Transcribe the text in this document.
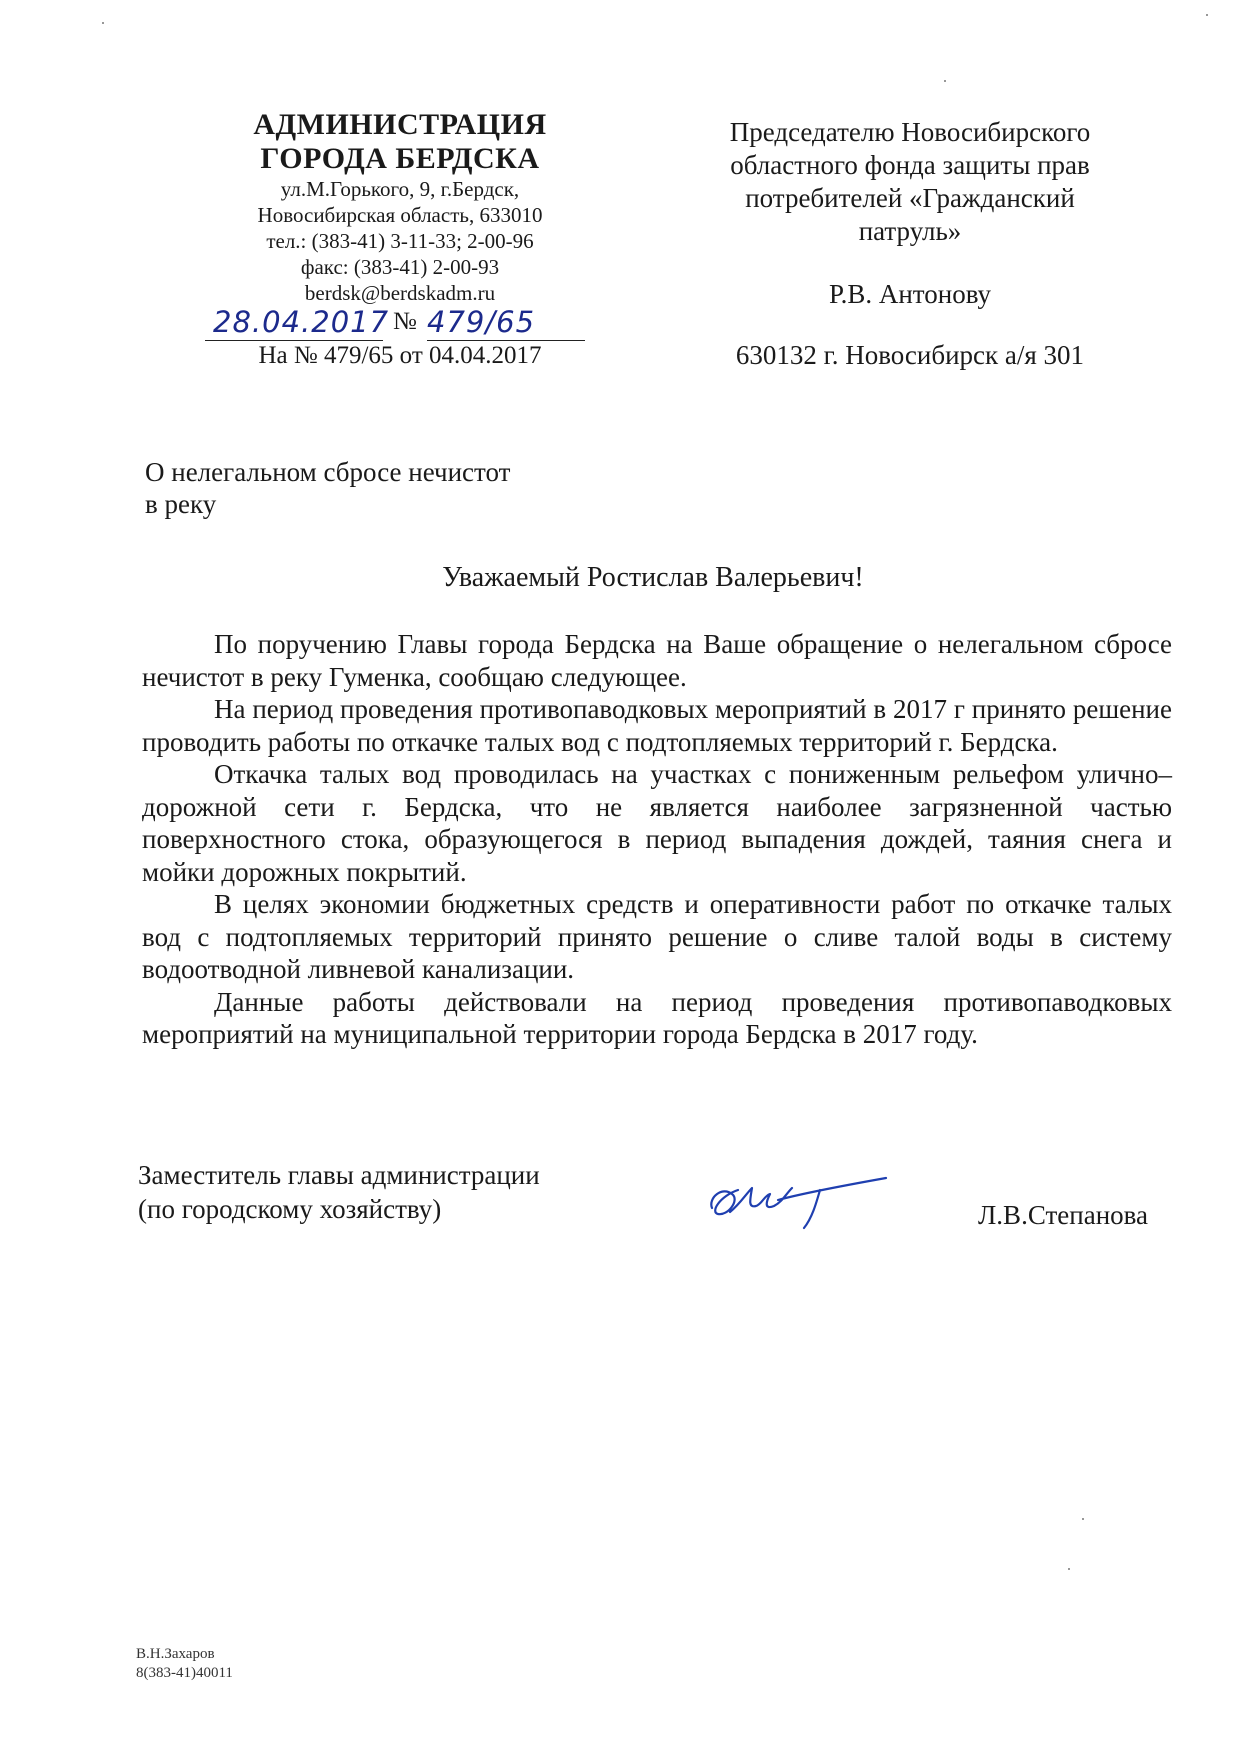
АДМИНИСТРАЦИЯ
ГОРОДА БЕРДСКА
ул.М.Горького, 9, г.Бердск,
Новосибирская область, 633010
тел.: (383-41) 3-11-33; 2-00-96
факс: (383-41) 2-00-93
berdsk@berdskadm.ru
28.04.2017 № 479/65
На № 479/65 от 04.04.2017
Председателю Новосибирского
областного фонда защиты прав
потребителей «Гражданский
патруль»
Р.В. Антонову
630132 г. Новосибирск а/я 301
О нелегальном сбросе нечистот
в реку
Уважаемый Ростислав Валерьевич!

По поручению Главы города Бердска на Ваше обращение о нелегальном сбросе нечистот в реку Гуменка, сообщаю следующее.

На период проведения противопаводковых мероприятий в 2017 г принято решение проводить работы по откачке талых вод с подтопляемых территорий г. Бердска.

Откачка талых вод проводилась на участках с пониженным рельефом улично–дорожной сети г. Бердска, что не является наиболее загрязненной частью поверхностного стока, образующегося в период выпадения дождей, таяния снега и мойки дорожных покрытий.

В целях экономии бюджетных средств и оперативности работ по откачке талых вод с подтопляемых территорий принято решение о сливе талой воды в систему водоотводной ливневой канализации.

Данные работы действовали на период проведения противопаводковых мероприятий на муниципальной территории города Бердска в 2017 году.

Заместитель главы администрации
(по городскому хозяйству)	Л.В.Степанова
В.Н.Захаров
8(383-41)40011
